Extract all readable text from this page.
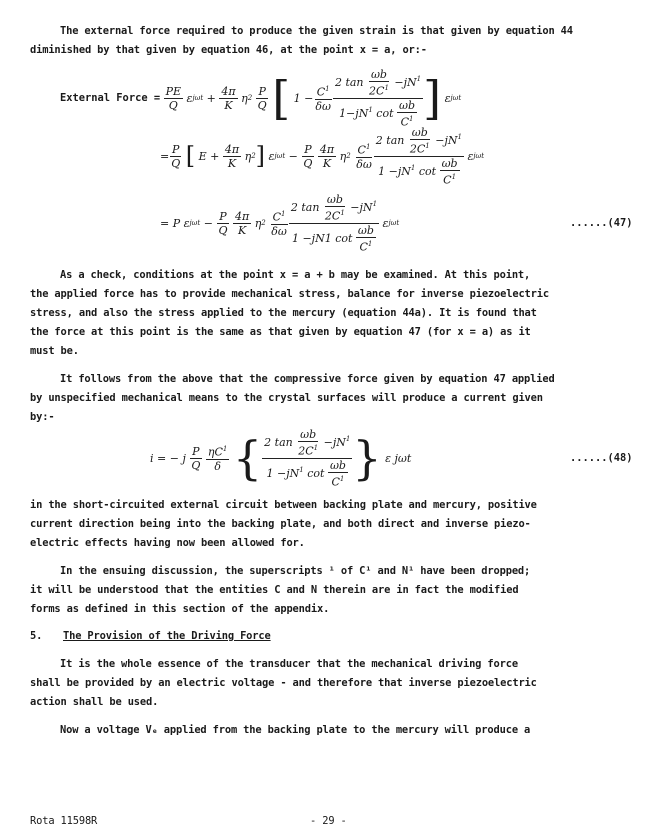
The external force required to produce the given strain is that given by equation 44
diminished by that given by equation 46, at the point x = a, or:-
External Force =
$\frac{PE}{Q}$ ε jωt +
4π
K
η 2

P
Q
[ $1 - C^1$
δω
2 $\tan \frac{\omega b}{2C^1} -jN^1$
$1-jN^1$ $\cot \frac{\omega b}{C^1}$ ] ε jωt
=
P
Q
[ E +
4π
K
η 2 ] ε jωt −
P
Q

4π
K
η 2
$C^1$
δω
2 $\tan \frac{\omega b}{2C^1} -jN^1$
$1 -jN^1$ $\cot \frac{\omega b}{C^1}$
ε jωt
= P ε jωt −
P
Q

4π
K
η 2
$C^1$
δω
2 $\tan \frac{\omega b}{2C^1} -jN^1$
1 −jN1 $\cot \frac{\omega b}{C^1}$
ε jωt	......(47)
As a check, conditions at the point x = a + b may be examined. At this point,
the applied force has to provide mechanical stress, balance for inverse piezoelectric
stress, and also the stress applied to the mercury (equation 44a). It is found that
the force at this point is the same as that given by equation 47 (for x = a) as it
must be.
It follows from the above that the compressive force given by equation 47 applied
by unspecified mechanical means to the crystal surfaces will produce a current given
by:-
i = − j
P
Q

$\eta C^1$
δ
{ 2 $\tan \frac{\omega b}{2C^1} -jN^1$
$1 -jN^1$ $\cot \frac{\omega b}{C^1}$ } ε jωt	......(48)
in the short-circuited external circuit between backing plate and mercury, positive
current direction being into the backing plate, and both direct and inverse piezo-
electric effects having now been allowed for.
In the ensuing discussion, the superscripts ¹ of C¹ and N¹ have been dropped;
it will be understood that the entities C and N therein are in fact the modified
forms as defined in this section of the appendix.
5. The Provision of the Driving Force
It is the whole essence of the transducer that the mechanical driving force
shall be provided by an electric voltage - and therefore that inverse piezoelectric
action shall be used.
Now a voltage Vₑ applied from the backing plate to the mercury will produce a
Rota 11598R	- 29 -
